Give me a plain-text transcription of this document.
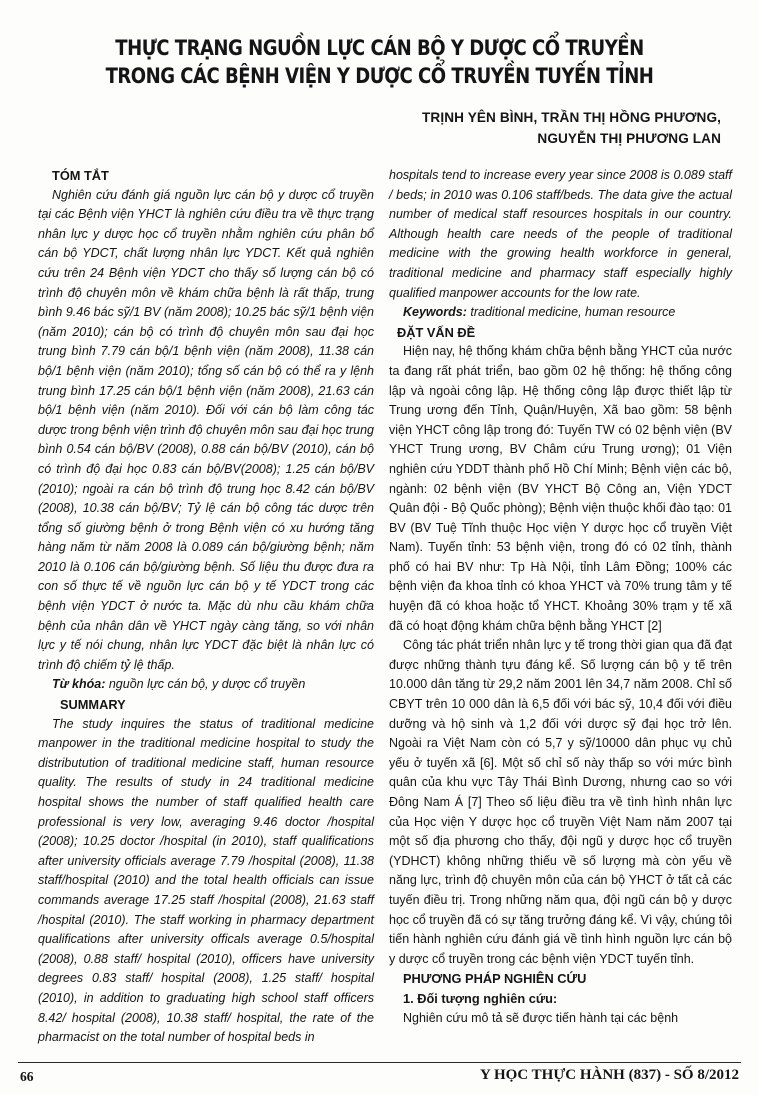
THỰC TRẠNG NGUỒN LỰC CÁN BỘ Y DƯỢC CỔ TRUYỀN
TRONG CÁC BỆNH VIỆN Y DƯỢC CỔ TRUYỀN TUYẾN TỈNH
TRỊNH YÊN BÌNH, TRẦN THỊ HỒNG PHƯƠNG,
NGUYỄN THỊ PHƯƠNG LAN
TÓM TẮT

Nghiên cứu đánh giá nguồn lực cán bộ y dược cổ truyền tại các Bệnh viện YHCT là nghiên cứu điều tra về thực trạng nhân lực y dược học cổ truyền nhằm nghiên cứu phân bổ cán bộ YDCT, chất lượng nhân lực YDCT. Kết quả nghiên cứu trên 24 Bệnh viện YDCT cho thấy số lượng cán bộ có trình độ chuyên môn về khám chữa bệnh là rất thấp, trung bình 9.46 bác sỹ/1 BV (năm 2008); 10.25 bác sỹ/1 bệnh viện (năm 2010); cán bộ có trình độ chuyên môn sau đại học trung bình 7.79 cán bộ/1 bệnh viện (năm 2008), 11.38 cán bộ/1 bệnh viện (năm 2010); tổng số cán bộ có thể ra y lệnh trung bình 17.25 cán bộ/1 bệnh viện (năm 2008), 21.63 cán bộ/1 bệnh viện (năm 2010). Đối với cán bộ làm công tác dược trong bệnh viện trình độ chuyên môn sau đại học trung bình 0.54 cán bộ/BV (2008), 0.88 cán bộ/BV (2010), cán bộ có trình độ đại học 0.83 cán bộ/BV(2008); 1.25 cán bộ/BV (2010); ngoài ra cán bộ trình độ trung học 8.42 cán bộ/BV (2008), 10.38 cán bộ/BV; Tỷ lệ cán bộ công tác dược trên tổng số giường bệnh ở trong Bệnh viện có xu hướng tăng hàng năm từ năm 2008 là 0.089 cán bộ/giường bệnh; năm 2010 là 0.106 cán bộ/giường bệnh. Số liệu thu được đưa ra con số thực tế về nguồn lực cán bộ y tế YDCT trong các bệnh viện YDCT ở nước ta. Mặc dù nhu cầu khám chữa bệnh của nhân dân về YHCT ngày càng tăng, so với nhân lực y tế nói chung, nhân lực YDCT đặc biệt là nhân lực có trình độ chiếm tỷ lệ thấp.

Từ khóa: nguồn lực cán bộ, y dược cổ truyền

SUMMARY

The study inquires the status of traditional medicine manpower in the traditional medicine hospital to study the distributution of traditional medicine staff, human resource quality. The results of study in 24 traditional medicine hospital shows the number of staff qualified health care professional is very low, averaging 9.46 doctor /hospital (2008); 10.25 doctor /hospital (in 2010), staff qualifications after university officials average 7.79 /hospital (2008), 11.38 staff/hospital (2010) and the total health officials can issue commands average 17.25 staff /hospital (2008), 21.63 staff /hospital (2010). The staff working in pharmacy department qualifications after university officals average 0.5/hospital (2008), 0.88 staff/ hospital (2010), officers have university degrees 0.83 staff/ hospital (2008), 1.25 staff/ hospital (2010), in addition to graduating high school staff officers 8.42/ hospital (2008), 10.38 staff/ hospital, the rate of the pharmacist on the total number of hospital beds in

hospitals tend to increase every year since 2008 is 0.089 staff / beds; in 2010 was 0.106 staff/beds. The data give the actual number of medical staff resources hospitals in our country. Although health care needs of the people of traditional medicine with the growing health workforce in general, traditional medicine and pharmacy staff especially highly qualified manpower accounts for the low rate.

Keywords: traditional medicine, human resource

ĐẶT VẤN ĐỀ

Hiện nay, hệ thống khám chữa bệnh bằng YHCT của nước ta đang rất phát triển, bao gồm 02 hệ thống: hệ thống công lập và ngoài công lập. Hệ thống công lập được thiết lập từ Trung ương đến Tỉnh, Quận/Huyện, Xã bao gồm: 58 bệnh viện YHCT công lập trong đó: Tuyến TW có 02 bệnh viện (BV YHCT Trung ương, BV Châm cứu Trung ương); 01 Viện nghiên cứu YDDT thành phố Hồ Chí Minh; Bệnh viện các bộ, ngành: 02 bệnh viện (BV YHCT Bộ Công an, Viện YDCT Quân đội - Bộ Quốc phòng); Bệnh viện thuộc khối đào tạo: 01 BV (BV Tuệ Tĩnh thuộc Học viện Y dược học cổ truyền Việt Nam). Tuyến tỉnh: 53 bệnh viện, trong đó có 02 tỉnh, thành phố có hai BV như: Tp Hà Nội, tỉnh Lâm Đồng; 100% các bệnh viện đa khoa tỉnh có khoa YHCT và 70% trung tâm y tế huyện đã có khoa hoặc tổ YHCT. Khoảng 30% trạm y tế xã đã có hoạt động khám chữa bệnh bằng YHCT [2]

Công tác phát triển nhân lực y tế trong thời gian qua đã đạt được những thành tựu đáng kể. Số lượng cán bộ y tế trên 10.000 dân tăng từ 29,2 năm 2001 lên 34,7 năm 2008. Chỉ số CBYT trên 10 000 dân là 6,5 đối với bác sỹ, 10,4 đối với điều dưỡng và hộ sinh và 1,2 đối với dược sỹ đại học trở lên. Ngoài ra Việt Nam còn có 5,7 y sỹ/10000 dân phục vụ chủ yếu ở tuyến xã [6]. Một số chỉ số này thấp so với mức bình quân của khu vực Tây Thái Bình Dương, nhưng cao so với Đông Nam Á [7] Theo số liệu điều tra về tình hình nhân lực của Học viện Y dược học cổ truyền Việt Nam năm 2007 tại một số địa phương cho thấy, đội ngũ y dược học cổ truyền (YDHCT) không những thiếu về số lượng mà còn yếu về năng lực, trình độ chuyên môn của cán bộ YHCT ở tất cả các tuyến điều trị. Trong những năm qua, đội ngũ cán bộ y dược học cổ truyền đã có sự tăng trưởng đáng kể. Vì vậy, chúng tôi tiến hành nghiên cứu đánh giá về tình hình nguồn lực cán bộ y dược cổ truyền trong các bệnh viện YDCT tuyến tỉnh.

PHƯƠNG PHÁP NGHIÊN CỨU
1. Đối tượng nghiên cứu:

Nghiên cứu mô tả sẽ được tiến hành tại các bệnh

66	Y HỌC THỰC HÀNH (837) - SỐ 8/2012
